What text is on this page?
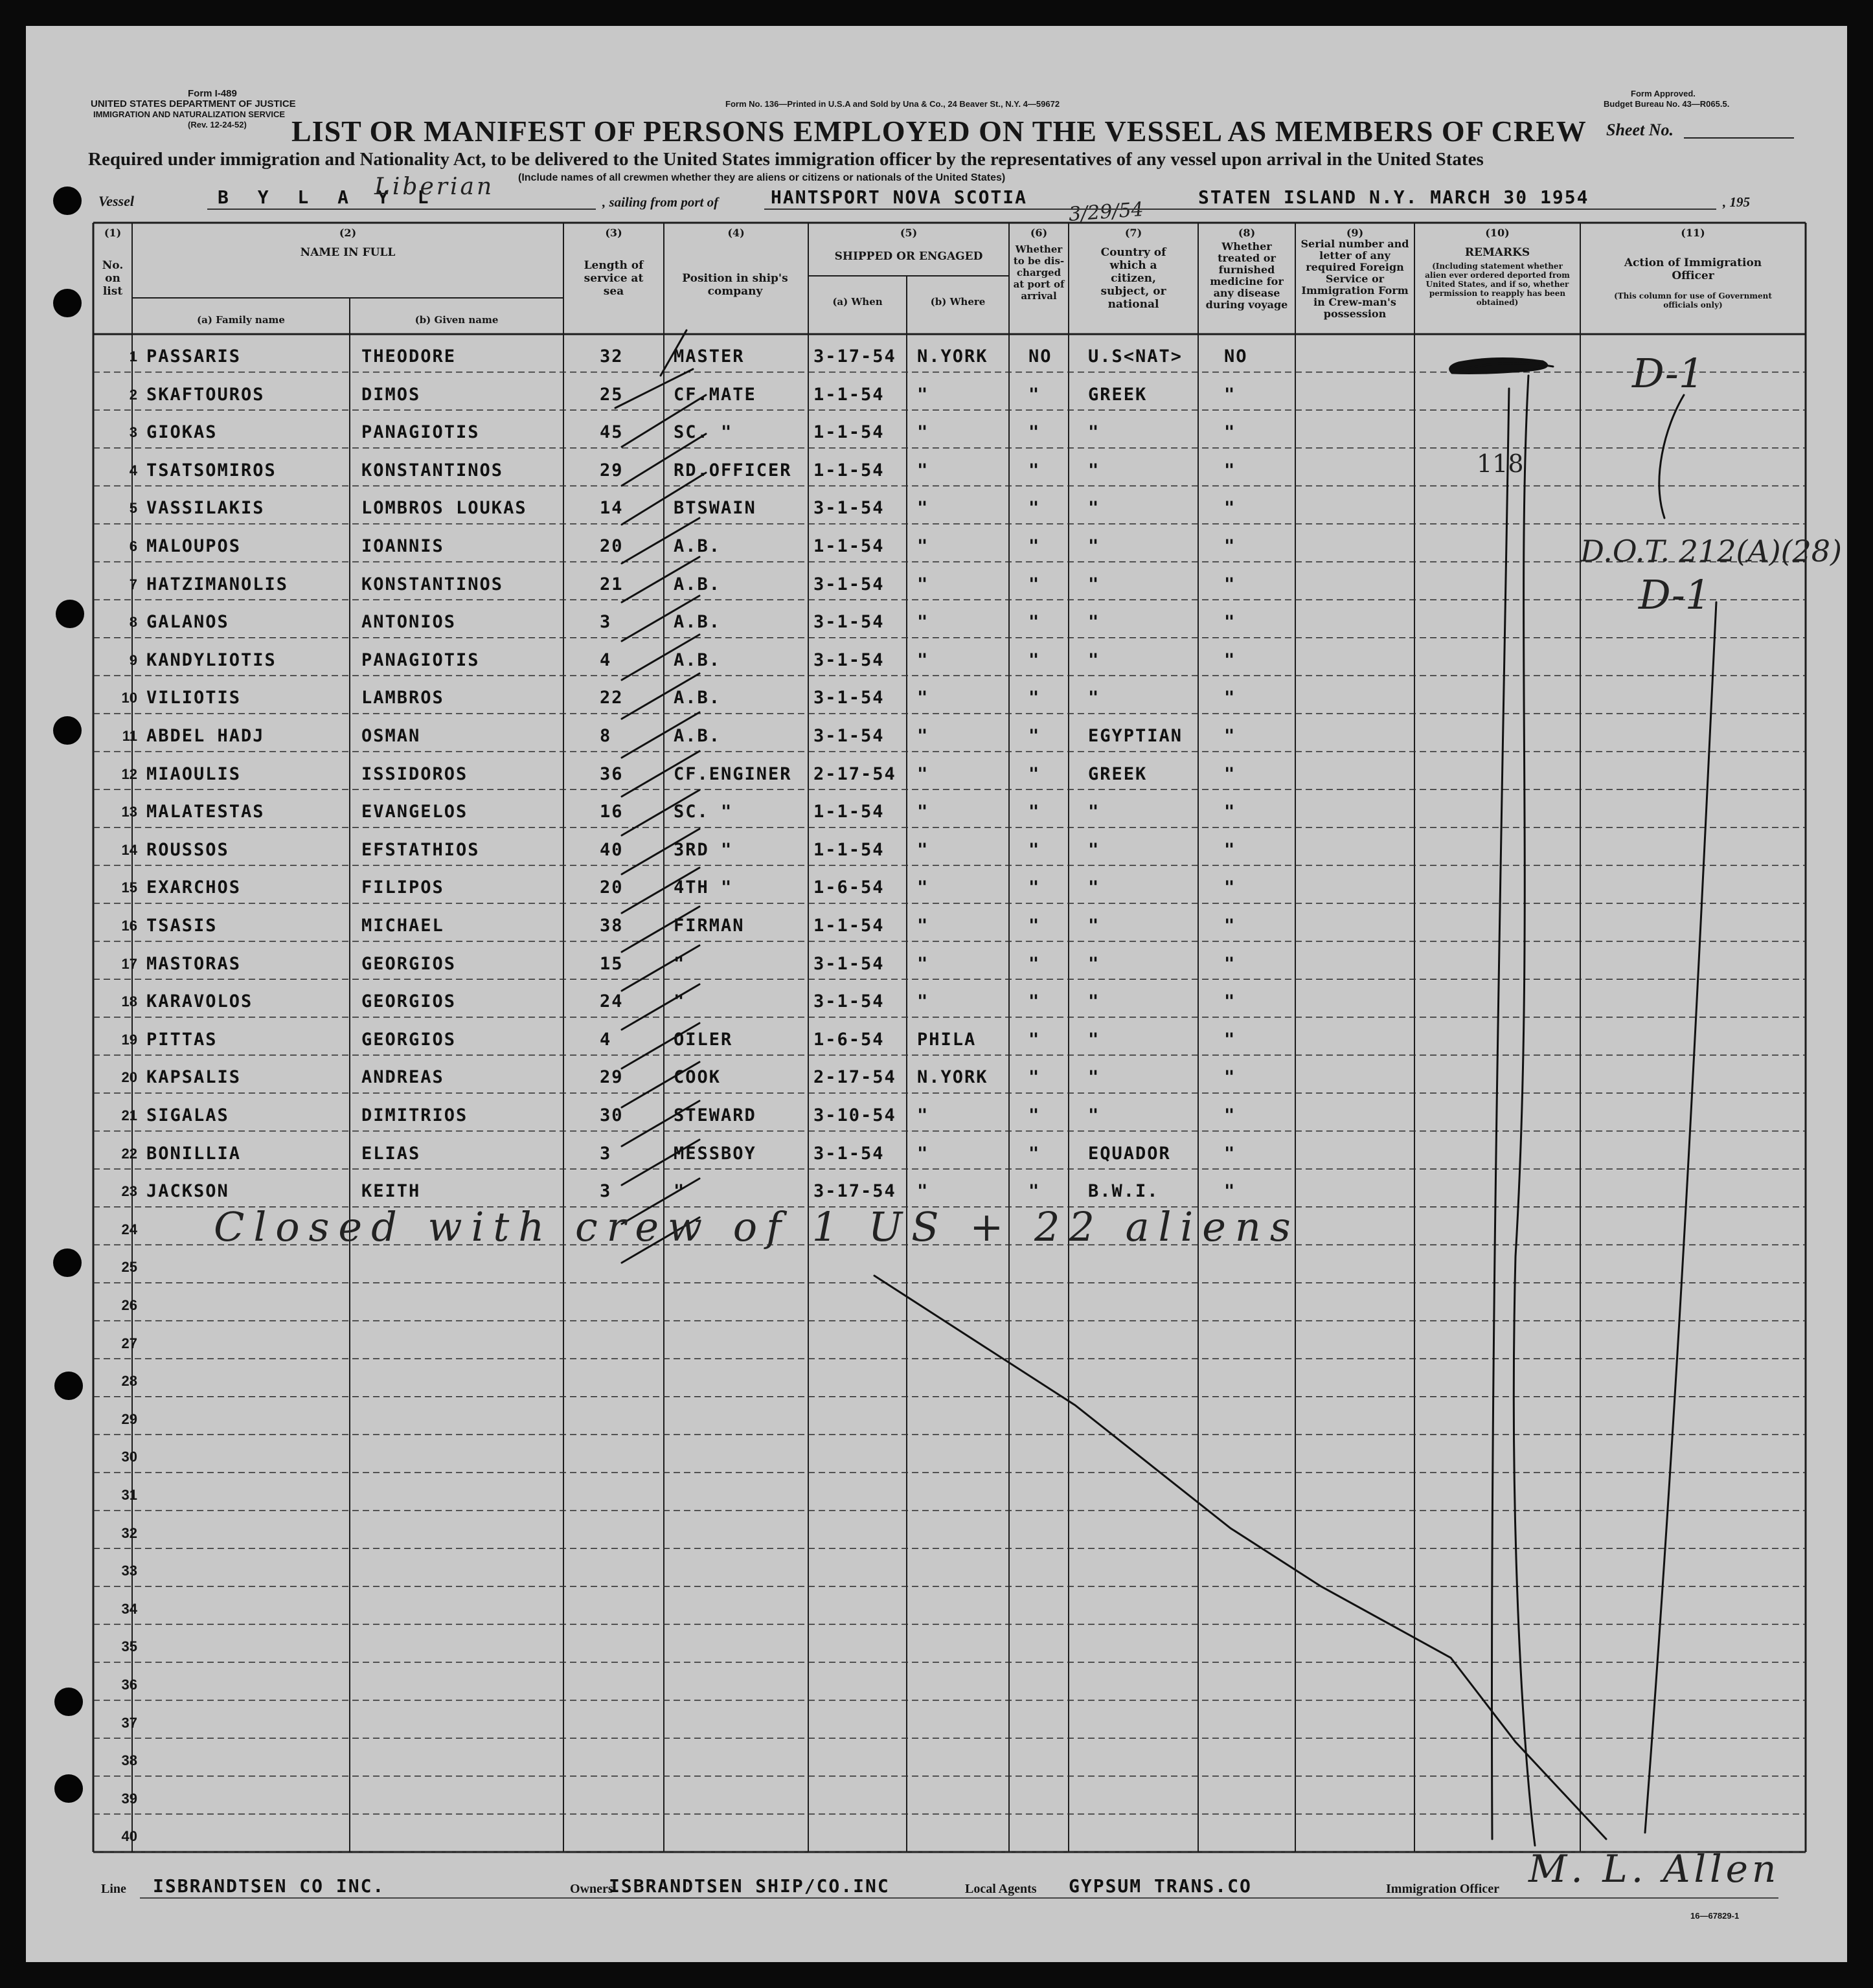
Form I-489
UNITED STATES DEPARTMENT OF JUSTICE
IMMIGRATION AND NATURALIZATION SERVICE
(Rev. 12-24-52)
Form No. 136—Printed in U.S.A and Sold by Una & Co., 24 Beaver St., N.Y. 4—59672
Form Approved.
Budget Bureau No. 43—R065.5.
LIST OR MANIFEST OF PERSONS EMPLOYED ON THE VESSEL AS MEMBERS OF CREW Sheet No.
Required under immigration and Nationality Act, to be delivered to the United States immigration officer by the representatives of any vessel upon arrival in the United States
(Include names of all crewmen whether they are aliens or citizens or nationals of the United States)
Vessel	B Y L A Y L
Liberian
, sailing from port of	HANTSPORT NOVA SCOTIA	STATEN ISLAND N.Y. MARCH 30 1954
3/29/54	, 195
(1)
No. on list
(2)
NAME IN FULL
(a) Family name	(b) Given name
(3)
Length of service at sea
(4)
Position in ship's company
(5)
SHIPPED OR ENGAGED
(a) When	(b) Where
(6)
Whether to be dis-charged at port of arrival
(7)
Country of which a citizen, subject, or national
(8)
Whether treated or furnished medicine for any disease during voyage
(9)
Serial number and letter of any required Foreign Service or Immigration Form in Crew-man's possession
(10)
REMARKS
(Including statement whether alien ever ordered deported from United States, and if so, whether permission to reapply has been obtained)
(11)
Action of Immigration Officer
(This column for use of Government officials only)
1 PASSARIS	THEODORE	32	MASTER	3-17-54 N.YORK NO U.S<NAT> NO
2 SKAFTOUROS	DIMOS	25	CF.MATE	1-1-54 "	"	GREEK	"
3 GIOKAS	PANAGIOTIS	45	SC. "	1-1-54 "	"	"	"
4 TSATSOMIROS	KONSTANTINOS	29	RD.OFFICER 1-1-54 "	"	"	"
5 VASSILAKIS	LOMBROS LOUKAS	14	BTSWAIN	3-1-54 "	"	"	"
6 MALOUPOS	IOANNIS	20	A.B.	1-1-54 "	"	"	"
7 HATZIMANOLIS	KONSTANTINOS	21	A.B.	3-1-54 "	"	"	"
8 GALANOS	ANTONIOS	3	A.B.	3-1-54 "	"	"	"
9 KANDYLIOTIS	PANAGIOTIS	4	A.B.	3-1-54 "	"	"	"
10 VILIOTIS	LAMBROS	22	A.B.	3-1-54 "	"	"	"
11 ABDEL HADJ	OSMAN	8	A.B.	3-1-54 "	"	EGYPTIAN "
12 MIAOULIS	ISSIDOROS	36	CF.ENGINER 2-17-54 "	"	GREEK	"
13 MALATESTAS	EVANGELOS	16	SC. "	1-1-54 "	"	"	"
14 ROUSSOS	EFSTATHIOS	40	3RD "	1-1-54 "	"	"	"
15 EXARCHOS	FILIPOS	20	4TH "	1-6-54 "	"	"	"
16 TSASIS	MICHAEL	38	FIRMAN	1-1-54 "	"	"	"
17 MASTORAS	GEORGIOS	15	"	3-1-54 "	"	"	"
18 KARAVOLOS	GEORGIOS	24	"	3-1-54 "	"	"	"
19 PITTAS	GEORGIOS	4	OILER	1-6-54 PHILA	"	"	"
20 KAPSALIS	ANDREAS	29	COOK	2-17-54 N.YORK "	"	"
21 SIGALAS	DIMITRIOS	30	STEWARD	3-10-54 "	"	"	"
22 BONILLIA	ELIAS	3	MESSBOY	3-1-54 "	"	EQUADOR	"
23 JACKSON	KEITH	3	"	3-17-54 "	"	B.W.I.	"
24
25
26
27
28
29
30
31
32
33
34
35
36
37
38
39
40
118
D-1
D.O.T. 212(A)(28)
D-1
Closed with crew of 1 US + 22 aliens
Line ISBRANDTSEN CO INC.	Owners
ISBRANDTSEN SHIP/CO.INC	Local Agents GYPSUM TRANS.CO	Immigration Officer M. L. Allen
16—67829-1
